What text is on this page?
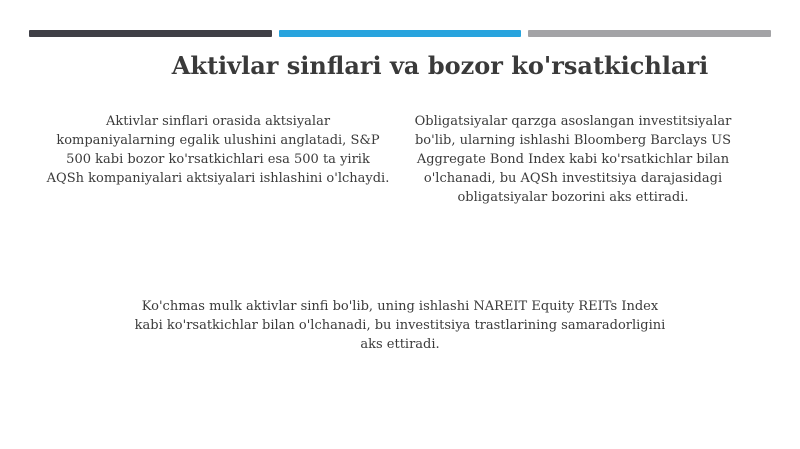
Aktivlar sinflari va bozor ko'rsatkichlari

Aktivlar sinflari orasida aktsiyalar kompaniyalarning egalik ulushini anglatadi, S&P 500 kabi bozor ko'rsatkichlari esa 500 ta yirik AQSh kompaniyalari aktsiyalari ishlashini o'lchaydi.

Obligatsiyalar qarzga asoslangan investitsiyalar bo'lib, ularning ishlashi Bloomberg Barclays US Aggregate Bond Index kabi ko'rsatkichlar bilan o'lchanadi, bu AQSh investitsiya darajasidagi obligatsiyalar bozorini aks ettiradi.

Ko'chmas mulk aktivlar sinfi bo'lib, uning ishlashi NAREIT Equity REITs Index kabi ko'rsatkichlar bilan o'lchanadi, bu investitsiya trastlarining samaradorligini aks ettiradi.
